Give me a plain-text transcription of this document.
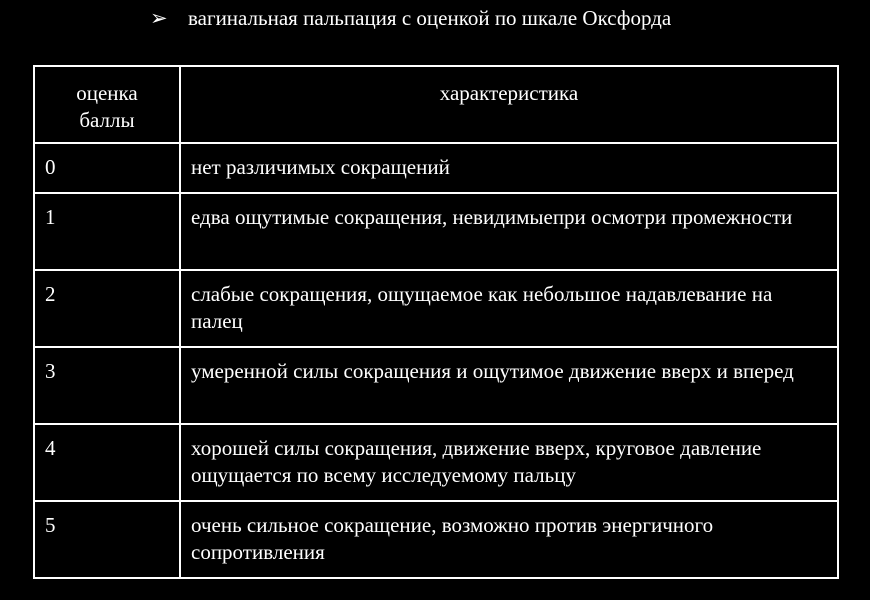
➢ вагинальная пальпация с оценкой по шкале Оксфорда
оценка баллы	характеристика
0	нет различимых сокращений
1	едва ощутимые сокращения, невидимыепри осмотри промежности
2	слабые сокращения, ощущаемое как небольшое надавлевание на палец
3	умеренной силы сокращения и ощутимое движение вверх и вперед
4	хорошей силы сокращения, движение вверх, круговое давление ощущается по всему исследуемому пальцу
5	очень сильное сокращение, возможно против энергичного сопротивления
